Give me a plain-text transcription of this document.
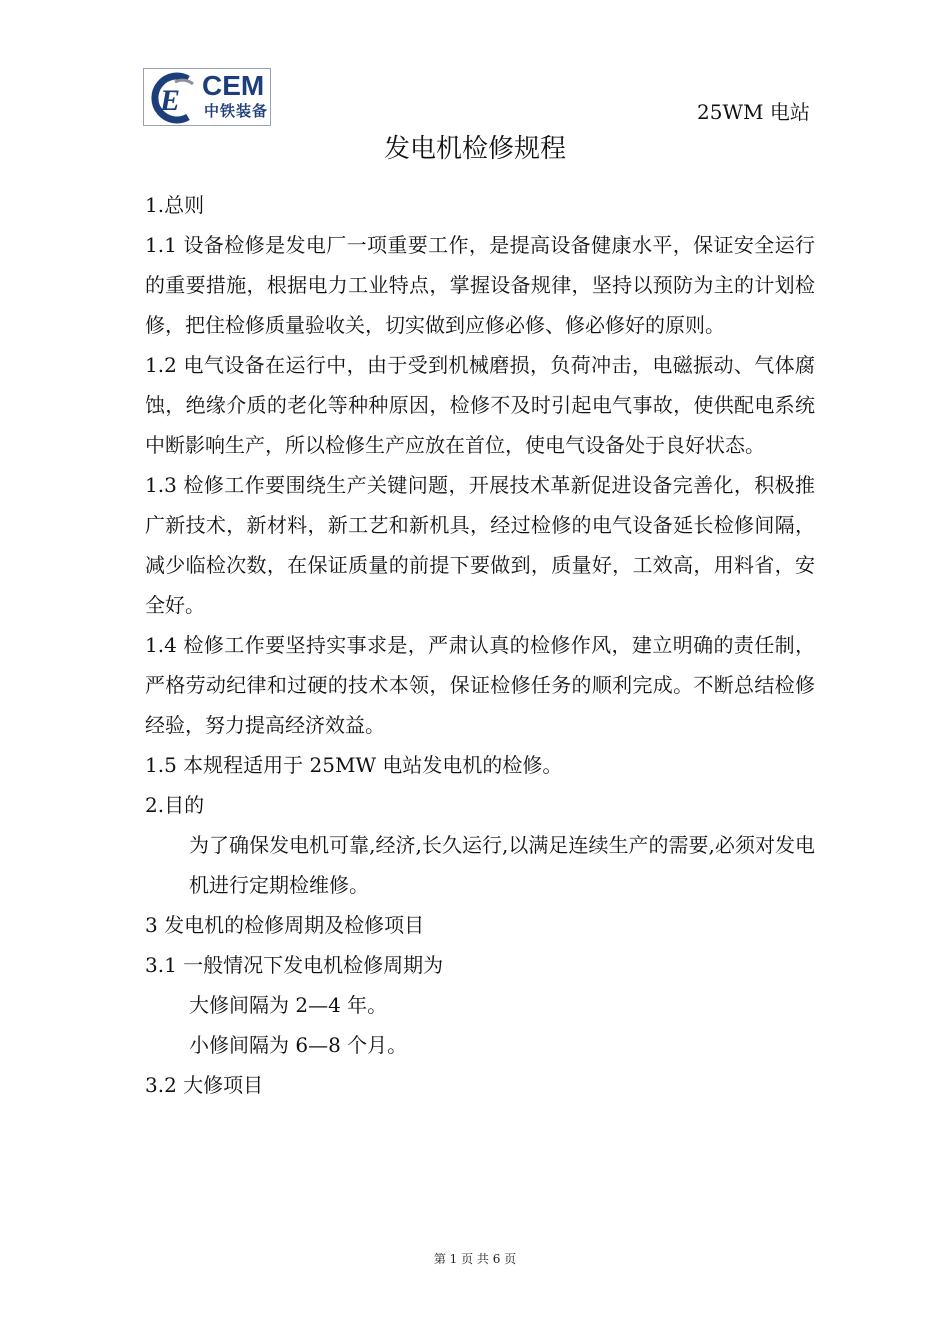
E CEM
中铁装备	25WM 电站
发电机检修规程

1.总则

1.1 设备检修是发电厂一项重要工作，是提高设备健康水平，保证安全运行的重要措施，根据电力工业特点，掌握设备规律，坚持以预防为主的计划检修，把住检修质量验收关，切实做到应修必修、修必修好的原则。

1.2 电气设备在运行中，由于受到机械磨损，负荷冲击，电磁振动、气体腐蚀，绝缘介质的老化等种种原因，检修不及时引起电气事故，使供配电系统中断影响生产，所以检修生产应放在首位，使电气设备处于良好状态。

1.3 检修工作要围绕生产关键问题，开展技术革新促进设备完善化，积极推广新技术，新材料，新工艺和新机具，经过检修的电气设备延长检修间隔，减少临检次数，在保证质量的前提下要做到，质量好，工效高，用料省，安全好。

1.4 检修工作要坚持实事求是，严肃认真的检修作风，建立明确的责任制，严格劳动纪律和过硬的技术本领，保证检修任务的顺利完成。不断总结检修经验，努力提高经济效益。

1.5 本规程适用于 25MW 电站发电机的检修。

2.目的

为了确保发电机可靠,经济,长久运行,以满足连续生产的需要,必须对发电机进行定期检维修。

3 发电机的检修周期及检修项目

3.1 一般情况下发电机检修周期为

大修间隔为 2—4 年。

小修间隔为 6—8 个月。

3.2 大修项目

第 1 页 共 6 页
